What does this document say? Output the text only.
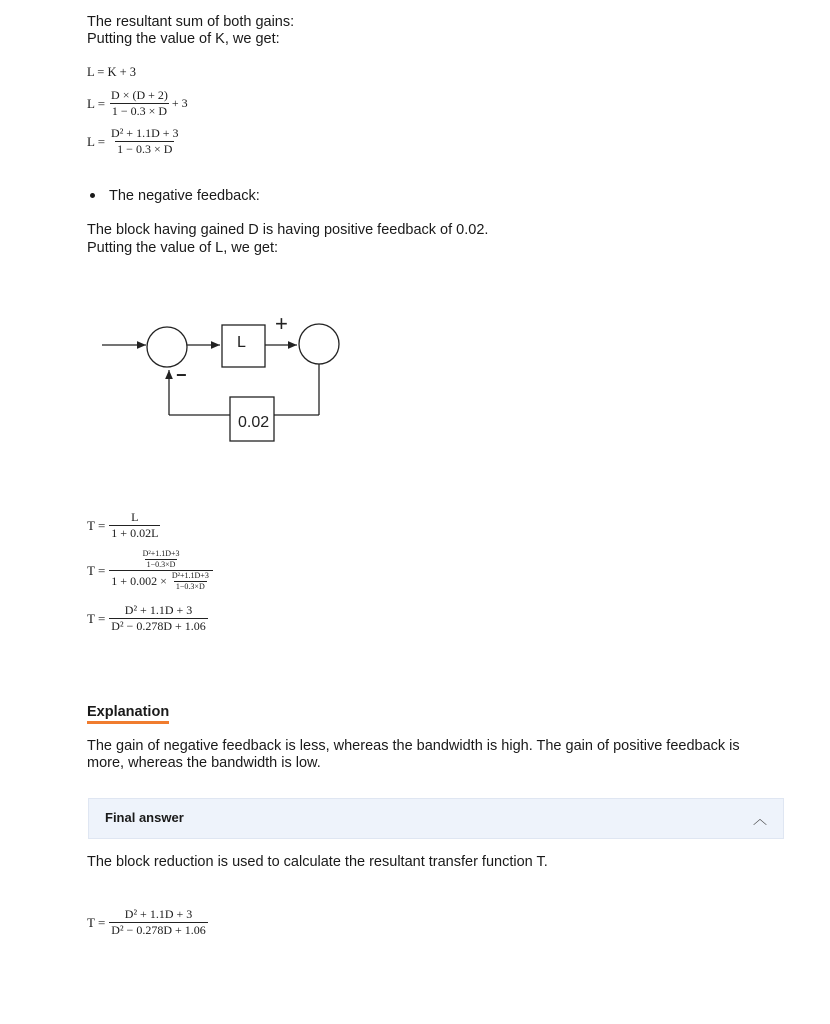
The resultant sum of both gains:
Putting the value of K, we get:
L = K + 3
$L = \frac{D \times (D + 2)}{1 - 0.3 \times D} + 3$
$L = \frac{\text{D² + 1.1D + 3}}{1 - 0.3 \times D}$
The negative feedback:
The block having gained D is having positive feedback of 0.02.
Putting the value of L, we get:
L
+
0.02
−
$T = \frac{L}{1 + 0.02L}$
$T = \frac{\frac{\text{D²+1.1D+3}}{1-0.3\times D}}{1 + 0.002 \times \frac{\text{D²+1.1D+3}}{1-0.3\times D}}$
$T = \frac{\text{D² + 1.1D + 3}}{\text{D² − 0.278D + 1.06}}$
Explanation
The gain of negative feedback is less, whereas the bandwidth is high. The gain of positive feedback is
more, whereas the bandwidth is low.
Final answer	︿
The block reduction is used to calculate the resultant transfer function T.
$T = \frac{\text{D² + 1.1D + 3}}{\text{D² − 0.278D + 1.06}}$
